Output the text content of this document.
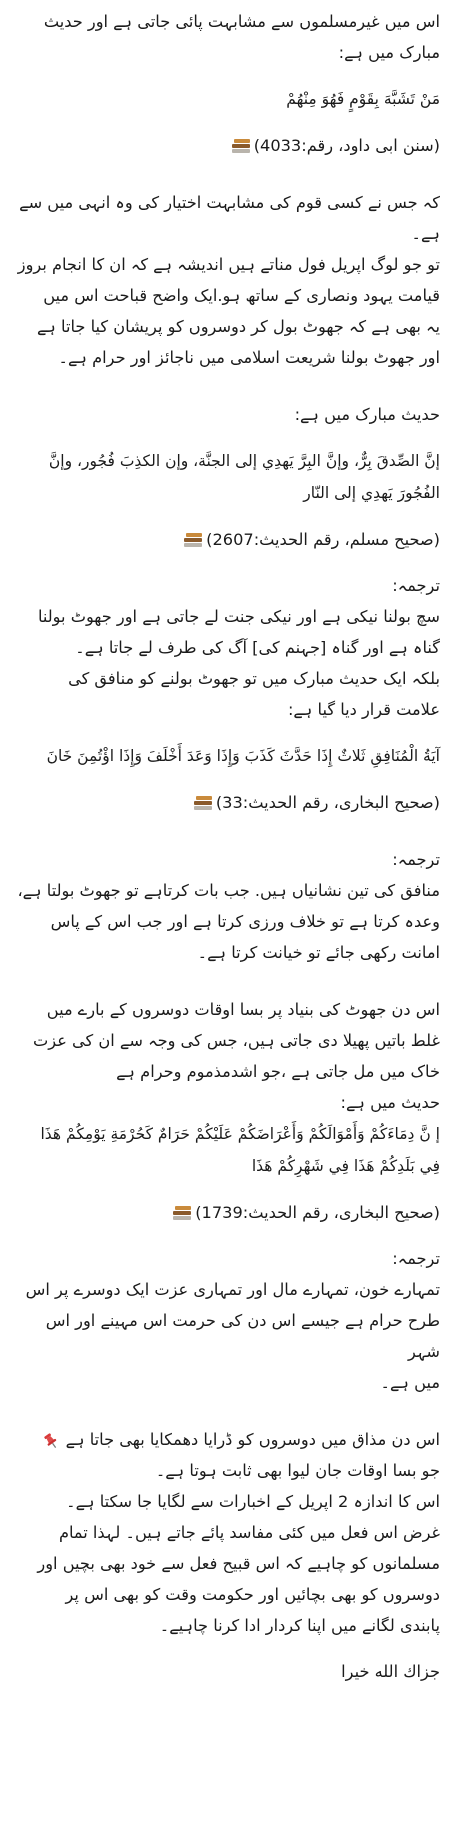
اس میں غیرمسلموں سے مشابہت پائی جاتی ہے اور حدیث

مبارک میں ہے:

مَنْ تَشَبَّهَ بِقَوْمٍ فَهُوَ مِنْهُمْ

(سنن ابی داود، رقم:4033)

کہ جس نے کسی قوم کی مشابہت اختیار کی وہ انہی میں سے

ہے۔

تو جو لوگ اپریل فول مناتے ہیں اندیشہ ہے کہ ان کا انجام بروز

قیامت یہود ونصاری کے ساتھ ہو.ایک واضح قباحت اس میں

یہ بھی ہے کہ جھوٹ بول کر دوسروں کو پریشان کیا جاتا ہے

اور جھوٹ بولنا شریعت اسلامی میں ناجائز اور حرام ہے۔

حدیث مبارک میں ہے:

إنَّ الصِّدقَ بِرٌّ، وإنَّ البِرَّ يَهدِي إلى الجنَّة، وإن الكذِبَ فُجُور، وإنَّ

الفُجُورَ يَهدِي إلى النّار

(صحیح مسلم، رقم الحدیث:2607)

ترجمہ:

سچ بولنا نیکی ہے اور نیکی جنت لے جاتی ہے اور جھوٹ بولنا

گناہ ہے اور گناہ [جہنم کی] آگ کی طرف لے جاتا ہے۔

بلکہ ایک حدیث مبارک میں تو جھوٹ بولنے کو منافق کی

علامت قرار دیا گیا ہے:

آيَةُ الْمُنَافِقِ ثَلاثٌ إِذَا حَدَّثَ كَذَبَ وَإِذَا وَعَدَ أَخْلَفَ وَإِذَا اؤْتُمِنَ خَانَ

(صحیح البخاری، رقم الحدیث:33)

ترجمہ:

منافق کی تین نشانیاں ہیں. جب بات کرتاہے تو جھوٹ بولتا ہے،

وعدہ کرتا ہے تو خلاف ورزی کرتا ہے اور جب اس کے پاس

امانت رکھی جائے تو خیانت کرتا ہے۔

اس دن جھوٹ کی بنیاد پر بسا اوقات دوسروں کے بارے میں

غلط باتیں پھیلا دی جاتی ہیں، جس کی وجہ سے ان کی عزت

خاک میں مل جاتی ہے ،جو اشدمذموم وحرام ہے

حدیث میں ہے:

إ نَّ دِمَاءَكُمْ وَأَمْوَالَكُمْ وَأَعْرَاضَكُمْ عَلَيْكُمْ حَرَامٌ كَحُرْمَةِ يَوْمِكُمْ هَذَا

فِي بَلَدِكُمْ هَذَا فِي شَهْرِكُمْ هَذَا

(صحیح البخاری، رقم الحدیث:1739)

ترجمہ:

تمہارے خون، تمہارے مال اور تمہاری عزت ایک دوسرے پر اس

طرح حرام ہے جیسے اس دن کی حرمت اس مہینے اور اس شہر

میں ہے۔

اس دن مذاق میں دوسروں کو ڈرایا دھمکایا بھی جاتا ہے

جو بسا اوقات جان لیوا بھی ثابت ہوتا ہے۔

اس کا اندازہ 2 اپریل کے اخبارات سے لگایا جا سکتا ہے۔

غرض اس فعل میں کئی مفاسد پائے جاتے ہیں۔ لہذا تمام

مسلمانوں کو چاہیے کہ اس قبیح فعل سے خود بھی بچیں اور

دوسروں کو بھی بچائیں اور حکومت وقت کو بھی اس پر

پابندی لگانے میں اپنا کردار ادا کرنا چاہیے۔

جزاك الله خیرا
